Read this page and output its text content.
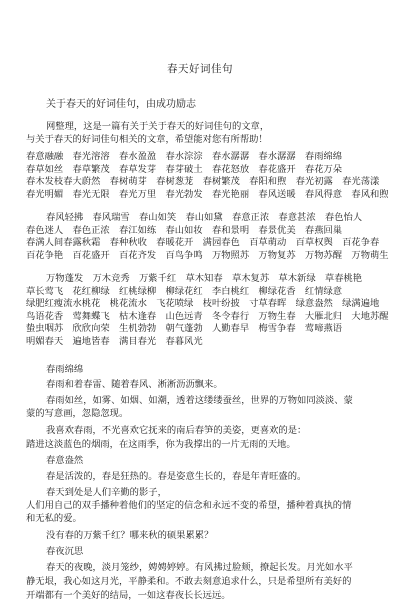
春天好词佳句
关于春天的好词佳句，由成功励志
网整理，这是一篇有关于关于春天的好词佳句的文章，
与关于春天的好词佳句相关的文章，希望能对您有所帮助！
春意融融　春光溶溶　春水盈盈　春水淙淙　春水潺潺　春水潺潺　春雨绵绵
春草如丝　春草繁茂　春草发芽　春芽破土　春花怒放　春花盛开　春花万朵
春木发枝春大蔚然　春树萌芽　春树葱茏　春树繁茂　春阳和煦　春光初露　春光荡漾
春光明媚　春光无限　春光万里　春光勃发　春光艳丽　春风送暖　春风得意　春风和煦
春风轻拂　春风瑞雪　春山如笑　春山如黛　春意正浓　春意甚浓　春色怡人
春色迷人　春色正浓　春江如练　春山如妆　春和景明　春景优美　春燕回巢
春满人间春露秋霜　春种秋收　春暖花开　满园春色　百草萌动　百草权舆　百花争春
百花争艳　百花盛开　百花齐发　百鸟争鸣　万物照苏　万物复苏　万物苏醒　万物萌生
万物蓬发　万木竞秀　万紫千红　草木知春　草木复苏　草木新绿　草春桃艳
草长莺飞　花红柳绿　红桃绿柳　柳绿花红　李白桃红　柳绿花香　红情绿意
绿肥红瘦流水桃花　桃花流水　飞花喷绿　枝叶纷披　寸草春晖　绿意盎然　绿满遍地
鸟语花香　莺舞蝶飞　枯木逢春　山色远青　冬令春行　万物生春　大雁北归　大地苏醒
蛰虫咽苏　欣欣向荣　生机勃勃　朝气蓬勃　人勤春早　梅雪争春　莺啼燕语
明媚春天　遍地皆春　满目春光　春暮风光
春雨绵绵
春雨和着春雷、随着春风、淅淅沥沥飘来。
春雨如丝，如雾、如烟、如潮，透着这缕缕蚕丝，世界的万物如同淡淡、蒙
蒙的写意画，忽隐忽现。
我喜欢春雨，不光喜欢它抚来的南后春笋的美姿，更喜欢的是：
踏进这淡蓝色的烟雨，在这雨季，你为我撑出的一片无雨的天地。
春意盎然
春是活泼的，春是狂热的。春是姿意生长的，春是年青旺盛的。
春天到处是人们辛勤的影子，
人们用自己的双手播种着他们的坚定的信念和永远不变的希望，播种着真执的情
和无私的爱。
没有春的万紫千红？哪来秋的硕果累累？
春夜沉思
春天的夜晚，淡月笼纱，娉娉婷婷。有风拂过脸颊，撩起长发。月光如水平
静无垠，我心如这月光，平静柔和。不敢去刻意追求什么，只是希望所有美好的
开端都有一个美好的结局，一如这春夜长长远远。
